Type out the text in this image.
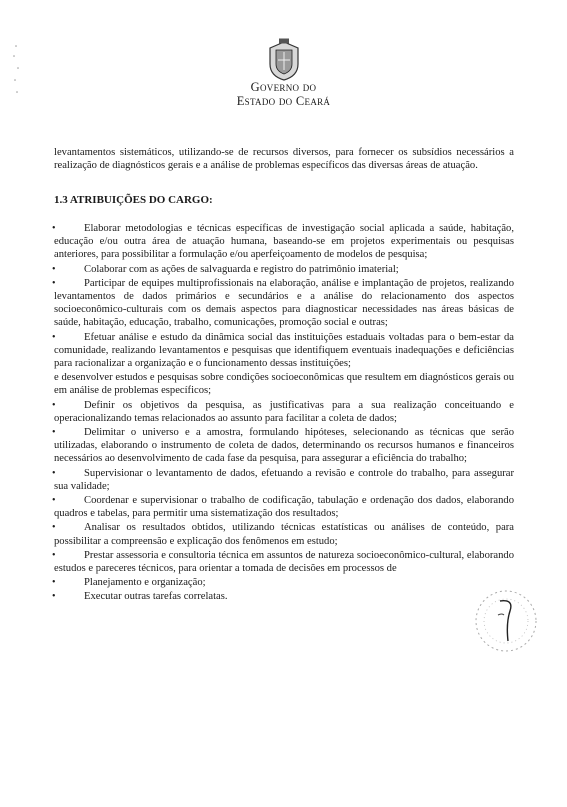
Governo do
Estado do Ceará
levantamentos sistemáticos, utilizando-se de recursos diversos, para fornecer os subsídios necessários a realização de diagnósticos gerais e a análise de problemas específicos das diversas áreas de atuação.
1.3 ATRIBUIÇÕES DO CARGO:
•	Elaborar metodologias e técnicas específicas de investigação social aplicada a saúde, habitação, educação e/ou outra área de atuação humana, baseando-se em projetos experimentais ou pesquisas anteriores, para possibilitar a formulação e/ou aperfeiçoamento de modelos de pesquisa;
•	Colaborar com as ações de salvaguarda e registro do patrimônio imaterial;
•	Participar de equipes multiprofissionais na elaboração, análise e implantação de projetos, realizando levantamentos de dados primários e secundários e a análise do relacionamento dos aspectos socioeconômico-culturais com os demais aspectos para diagnosticar necessidades nas áreas básicas de saúde, habitação, educação, trabalho, comunicações, promoção social e outras;
•	Efetuar análise e estudo da dinâmica social das instituições estaduais voltadas para o bem-estar da comunidade, realizando levantamentos e pesquisas que identifiquem eventuais inadequações e deficiências para racionalizar a organização e o funcionamento dessas instituições;
e desenvolver estudos e pesquisas sobre condições socioeconômicas que resultem em diagnósticos gerais ou em análise de problemas específicos;
•	Definir os objetivos da pesquisa, as justificativas para a sua realização conceituando e operacionalizando temas relacionados ao assunto para facilitar a coleta de dados;
•	Delimitar o universo e a amostra, formulando hipóteses, selecionando as técnicas que serão utilizadas, elaborando o instrumento de coleta de dados, determinando os recursos humanos e financeiros necessários ao desenvolvimento de cada fase da pesquisa, para assegurar a eficiência do trabalho;
•	Supervisionar o levantamento de dados, efetuando a revisão e controle do trabalho, para assegurar sua validade;
•	Coordenar e supervisionar o trabalho de codificação, tabulação e ordenação dos dados, elaborando quadros e tabelas, para permitir uma sistematização dos resultados;
•	Analisar os resultados obtidos, utilizando técnicas estatísticas ou análises de conteúdo, para possibilitar a compreensão e explicação dos fenômenos em estudo;
•	Prestar assessoria e consultoria técnica em assuntos de natureza socioeconômico-cultural, elaborando estudos e pareceres técnicos, para orientar a tomada de decisões em processos de
•	Planejamento e organização;
•	Executar outras tarefas correlatas.
